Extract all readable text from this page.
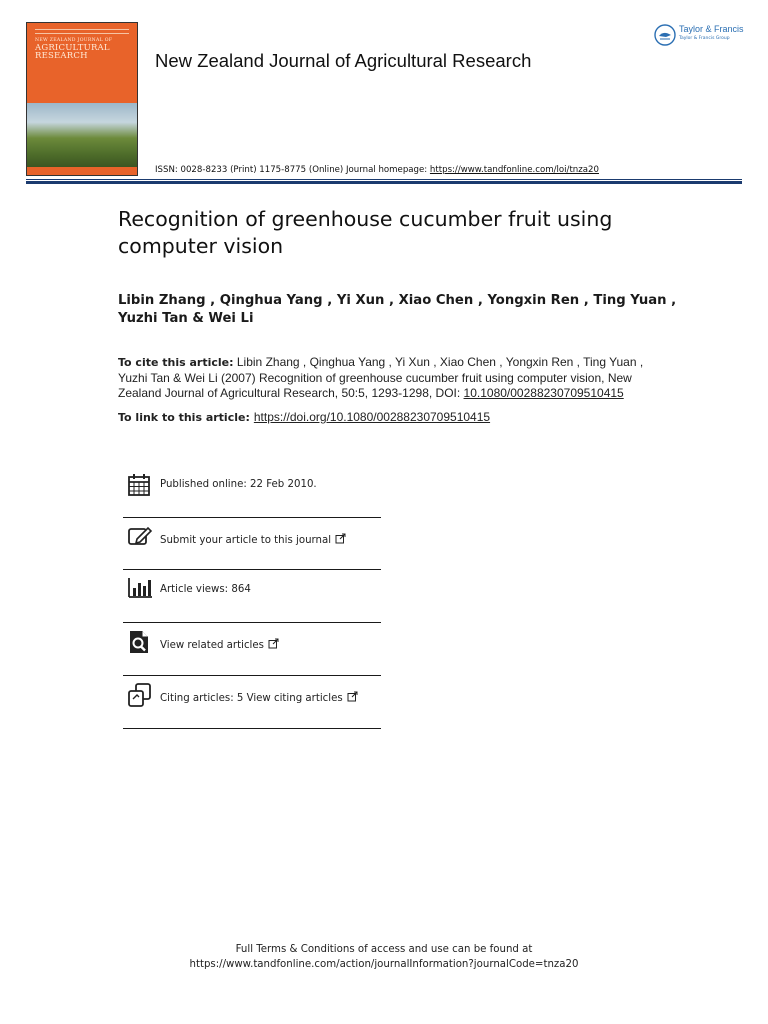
NEW ZEALAND JOURNAL OF
AGRICULTURAL
RESEARCH	New Zealand Journal of Agricultural Research
ISSN: 0028-8233 (Print) 1175-8775 (Online) Journal homepage: https://www.tandfonline.com/loi/tnza20
Taylor & Francis
Taylor & Francis Group
Recognition of greenhouse cucumber fruit using computer vision
Libin Zhang , Qinghua Yang , Yi Xun , Xiao Chen , Yongxin Ren , Ting Yuan , Yuzhi Tan & Wei Li
To cite this article: Libin Zhang , Qinghua Yang , Yi Xun , Xiao Chen , Yongxin Ren , Ting Yuan , Yuzhi Tan & Wei Li (2007) Recognition of greenhouse cucumber fruit using computer vision, New Zealand Journal of Agricultural Research, 50:5, 1293-1298, DOI: 10.1080/00288230709510415
To link to this article: https://doi.org/10.1080/00288230709510415
Published online: 22 Feb 2010.
Submit your article to this journal
Article views: 864
View related articles
Citing articles: 5 View citing articles
Full Terms & Conditions of access and use can be found at
https://www.tandfonline.com/action/journalInformation?journalCode=tnza20
